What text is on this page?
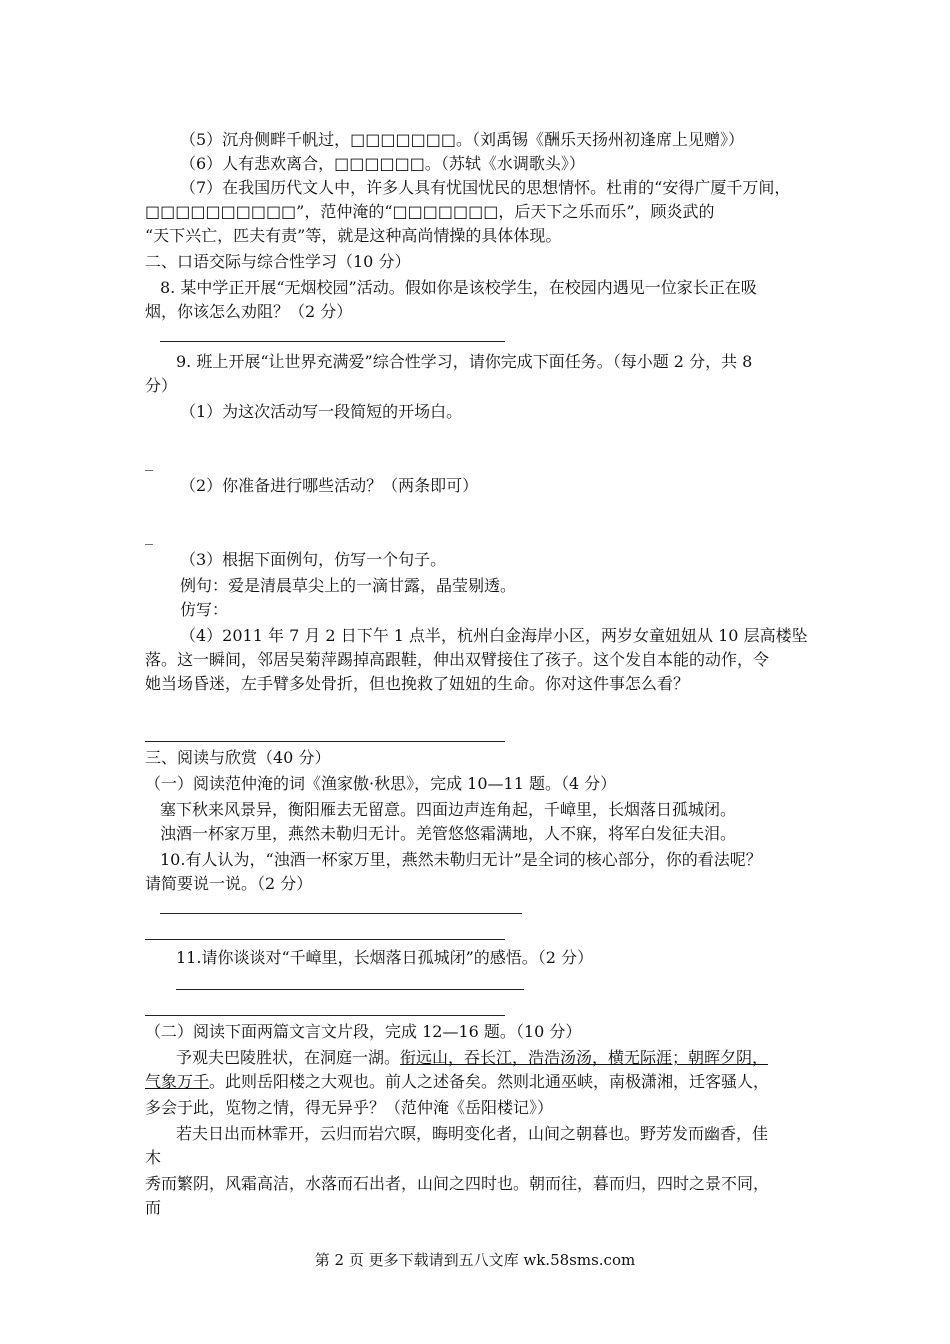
（5）沉舟侧畔千帆过，□□□□□□□。（刘禹锡《酬乐天扬州初逢席上见赠》）
（6）人有悲欢离合，□□□□□□。（苏轼《水调歌头》）
（7）在我国历代文人中，许多人具有忧国忧民的思想情怀。杜甫的“安得广厦千万间，
□□□□□□□□□□”，范仲淹的“□□□□□□□，后天下之乐而乐”，顾炎武的
“天下兴亡，匹夫有责”等，就是这种高尚情操的具体体现。
二、口语交际与综合性学习（10 分）
8. 某中学正开展“无烟校园”活动。假如你是该校学生，在校园内遇见一位家长正在吸
烟，你该怎么劝阻？（2 分）
9. 班上开展“让世界充满爱”综合性学习，请你完成下面任务。（每小题 2 分，共 8
分）
（1）为这次活动写一段简短的开场白。
_
（2）你准备进行哪些活动？（两条即可）
_
（3）根据下面例句，仿写一个句子。
例句：爱是清晨草尖上的一滴甘露，晶莹剔透。
仿写：
（4）2011 年 7 月 2 日下午 1 点半，杭州白金海岸小区，两岁女童妞妞从 10 层高楼坠
落。这一瞬间，邻居吴菊萍踢掉高跟鞋，伸出双臂接住了孩子。这个发自本能的动作，令
她当场昏迷，左手臂多处骨折，但也挽救了妞妞的生命。你对这件事怎么看？
三、阅读与欣赏（40 分）
（一）阅读范仲淹的词《渔家傲·秋思》，完成 10—11 题。（4 分）
塞下秋来风景异，衡阳雁去无留意。四面边声连角起，千嶂里，长烟落日孤城闭。
浊酒一杯家万里，燕然未勒归无计。羌管悠悠霜满地，人不寐，将军白发征夫泪。
10.有人认为，“浊酒一杯家万里，燕然未勒归无计”是全词的核心部分，你的看法呢？
请简要说一说。（2 分）
11.请你谈谈对“千嶂里，长烟落日孤城闭”的感悟。（2 分）
（二）阅读下面两篇文言文片段，完成 12—16 题。（10 分）
予观夫巴陵胜状，在洞庭一湖。衔远山，吞长江，浩浩汤汤，横无际涯；朝晖夕阴，
气象万千。此则岳阳楼之大观也。前人之述备矣。然则北通巫峡，南极潇湘，迁客骚人，
多会于此，览物之情，得无异乎？（范仲淹《岳阳楼记》）
若夫日出而林霏开，云归而岩穴暝，晦明变化者，山间之朝暮也。野芳发而幽香，佳
木
秀而繁阴，风霜高洁，水落而石出者，山间之四时也。朝而往，暮而归，四时之景不同，
而
第 2 页 更多下载请到五八文库 wk.58sms.com
